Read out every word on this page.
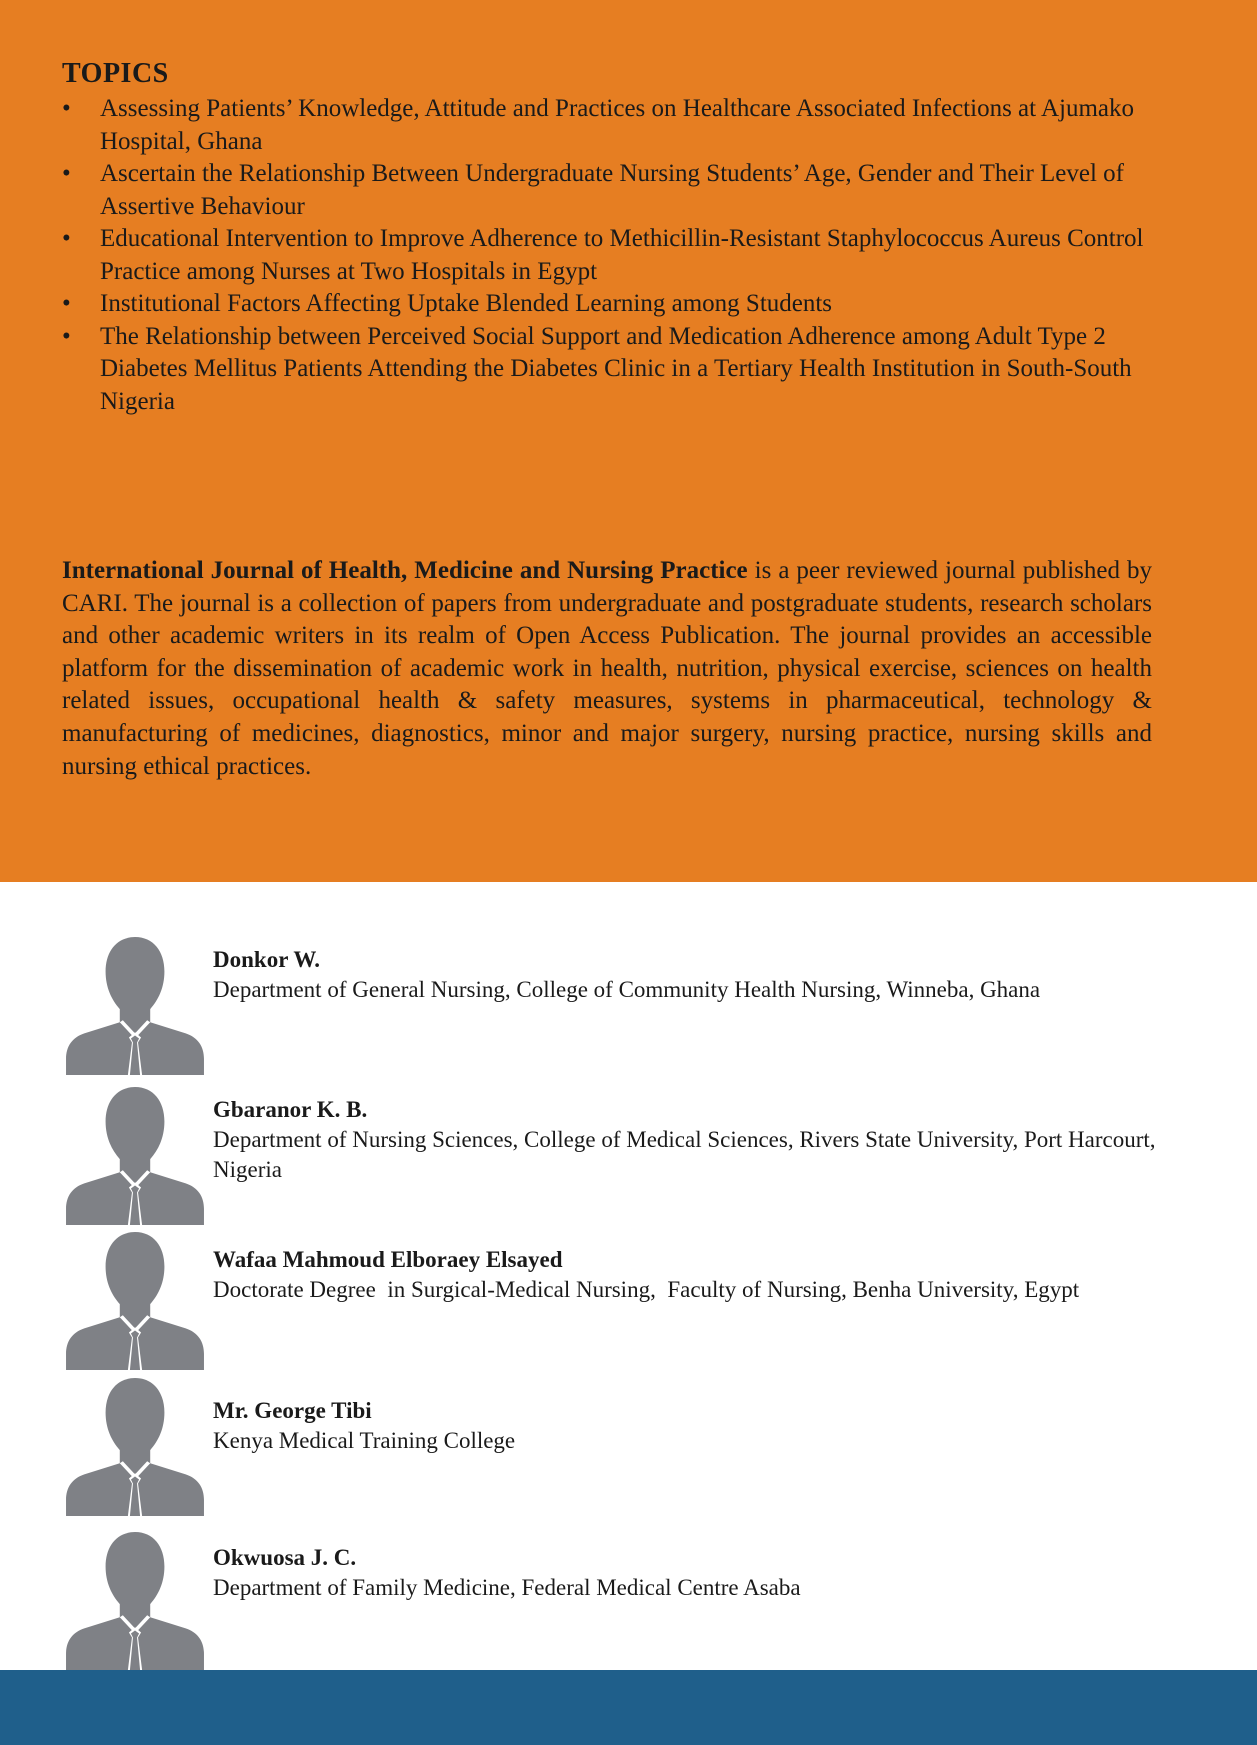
TOPICS
•	Assessing Patients’ Knowledge, Attitude and Practices on Healthcare Associated Infections at Ajumako Hospital, Ghana
•	Ascertain the Relationship Between Undergraduate Nursing Students’ Age, Gender and Their Level of Assertive Behaviour
•	Educational Intervention to Improve Adherence to Methicillin-Resistant Staphylococcus Aureus Control Practice among Nurses at Two Hospitals in Egypt
•	Institutional Factors Affecting Uptake Blended Learning among Students
•	The Relationship between Perceived Social Support and Medication Adherence among Adult Type 2 Diabetes Mellitus Patients Attending the Diabetes Clinic in a Tertiary Health Institution in South-South Nigeria

International Journal of Health, Medicine and Nursing Practice is a peer reviewed journal published by CARI. The journal is a collection of papers from undergraduate and postgraduate students, research scholars and other academic writers in its realm of Open Access Publication. The journal provides an accessible platform for the dissemination of academic work in health, nutrition, physical exercise, sciences on health related issues, occupational health & safety measures, systems in pharmaceutical, technology & manufacturing of medicines, diagnostics, minor and major surgery, nursing practice, nursing skills and nursing ethical practices.

Donkor W.
Department of General Nursing, College of Community Health Nursing, Winneba, Ghana
Gbaranor K. B.
Department of Nursing Sciences, College of Medical Sciences, Rivers State University, Port Harcourt, Nigeria
Wafaa Mahmoud Elboraey Elsayed
Doctorate Degree  in Surgical-Medical Nursing,  Faculty of Nursing, Benha University, Egypt
Mr. George Tibi
Kenya Medical Training College
Okwuosa J. C.
Department of Family Medicine, Federal Medical Centre Asaba
